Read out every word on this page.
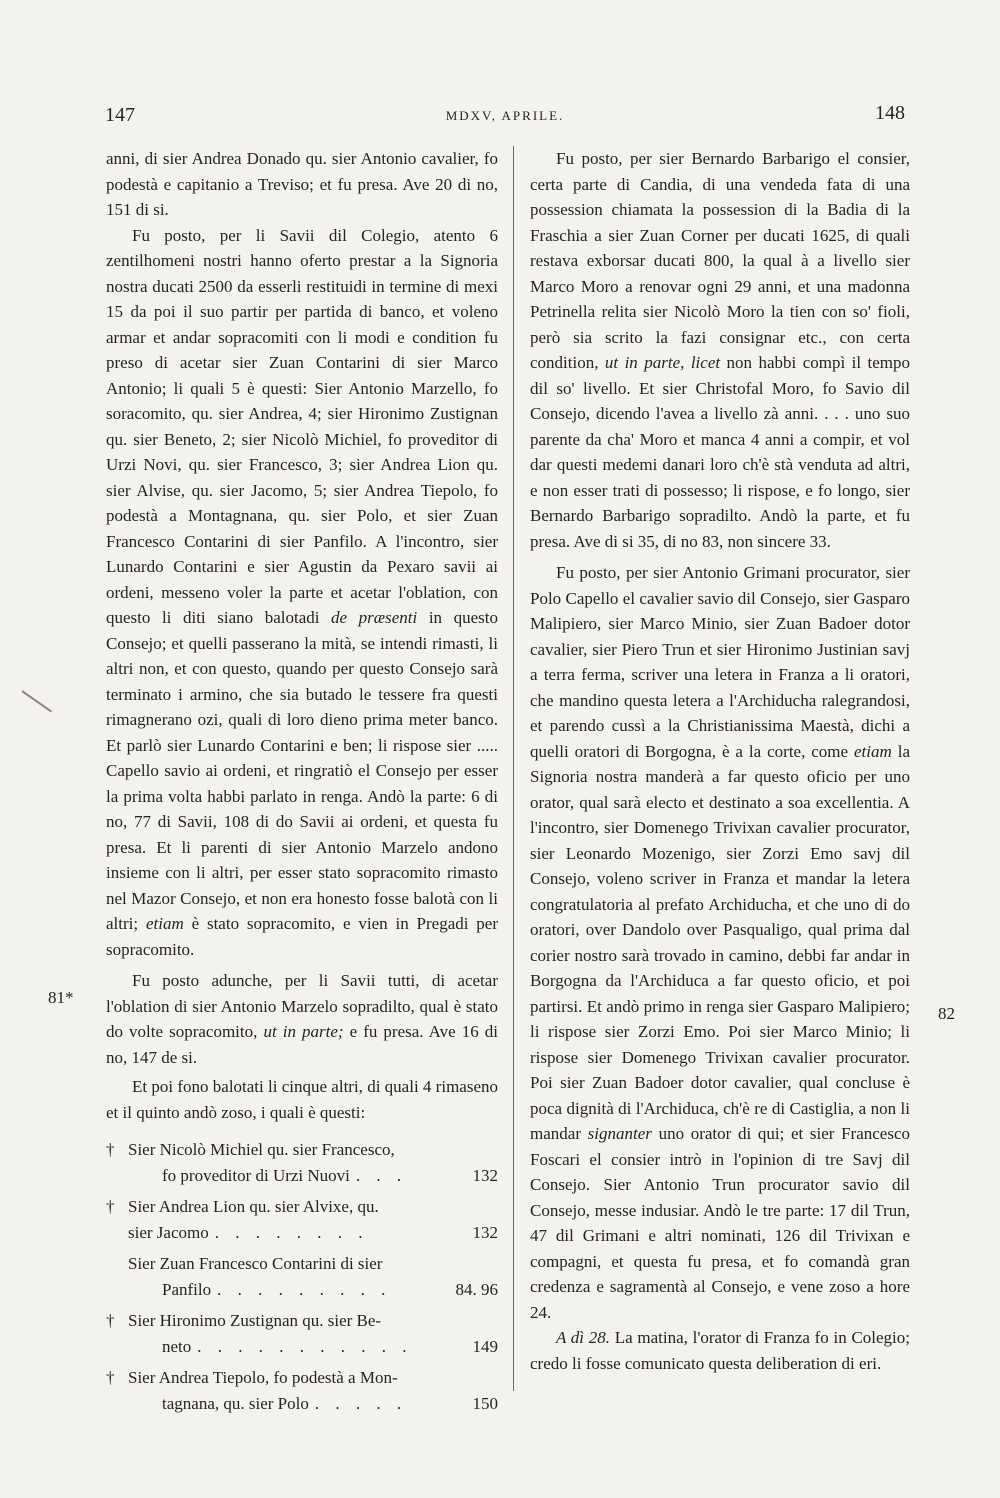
147	MDXV, APRILE.	148
81*
82

anni, di sier Andrea Donado qu. sier Antonio cavalier, fo podestà e capitanio a Treviso; et fu presa. Ave 20 di no, 151 di si.

Fu posto, per li Savii dil Colegio, atento 6 zentilhomeni nostri hanno oferto prestar a la Signoria nostra ducati 2500 da esserli restituidi in termine di mexi 15 da poi il suo partir per partida di banco, et voleno armar et andar sopracomiti con li modi e condition fu preso di acetar sier Zuan Contarini di sier Marco Antonio; li quali 5 è questi: Sier Antonio Marzello, fo soracomito, qu. sier Andrea, 4; sier Hironimo Zustignan qu. sier Beneto, 2; sier Nicolò Michiel, fo proveditor di Urzi Novi, qu. sier Francesco, 3; sier Andrea Lion qu. sier Alvise, qu. sier Jacomo, 5; sier Andrea Tiepolo, fo podestà a Montagnana, qu. sier Polo, et sier Zuan Francesco Contarini di sier Panfilo. A l'incontro, sier Lunardo Contarini e sier Agustin da Pexaro savii ai ordeni, messeno voler la parte et acetar l'oblation, con questo li diti siano balotadi de præsenti in questo Consejo; et quelli passerano la mità, se intendi rimasti, li altri non, et con questo, quando per questo Consejo sarà terminato i armino, che sia butado le tessere fra questi rimagnerano ozi, quali di loro dieno prima meter banco. Et parlò sier Lunardo Contarini e ben; li rispose sier ..... Capello savio ai ordeni, et ringratiò el Consejo per esser la prima volta habbi parlato in renga. Andò la parte: 6 di no, 77 di Savii, 108 di do Savii ai ordeni, et questa fu presa. Et li parenti di sier Antonio Marzelo andono insieme con li altri, per esser stato sopracomito rimasto nel Mazor Consejo, et non era honesto fosse balotà con li altri; etiam è stato sopracomito, e vien in Pregadi per sopracomito.

Fu posto adunche, per li Savii tutti, di acetar l'oblation di sier Antonio Marzelo sopradilto, qual è stato do volte sopracomito, ut in parte; e fu presa. Ave 16 di no, 147 de si.

Et poi fono balotati li cinque altri, di quali 4 rimaseno et il quinto andò zoso, i quali è questi:

† Sier Nicolò Michiel qu. sier Francesco,
fo proveditor di Urzi Nuovi . . .	132
† Sier Andrea Lion qu. sier Alvixe, qu.
sier Jacomo . . . . . . . .	132
Sier Zuan Francesco Contarini di sier
Panfilo . . . . . . . . .	84. 96
† Sier Hironimo Zustignan qu. sier Be-
neto . . . . . . . . . . .	149
† Sier Andrea Tiepolo, fo podestà a Mon-
tagnana, qu. sier Polo . . . . .	150

Fu posto, per sier Bernardo Barbarigo el consier, certa parte di Candia, di una vendeda fata di una possession chiamata la possession di la Badia di la Fraschia a sier Zuan Corner per ducati 1625, di quali restava exborsar ducati 800, la qual à a livello sier Marco Moro a renovar ogni 29 anni, et una madonna Petrinella relita sier Nicolò Moro la tien con so' fioli, però sia scrito la fazi consignar etc., con certa condition, ut in parte, licet non habbi compì il tempo dil so' livello. Et sier Christofal Moro, fo Savio dil Consejo, dicendo l'avea a livello zà anni. . . . uno suo parente da cha' Moro et manca 4 anni a compir, et vol dar questi medemi danari loro ch'è stà venduta ad altri, e non esser trati di possesso; li rispose, e fo longo, sier Bernardo Barbarigo sopradilto. Andò la parte, et fu presa. Ave di si 35, di no 83, non sincere 33.

Fu posto, per sier Antonio Grimani procurator, sier Polo Capello el cavalier savio dil Consejo, sier Gasparo Malipiero, sier Marco Minio, sier Zuan Badoer dotor cavalier, sier Piero Trun et sier Hironimo Justinian savj a terra ferma, scriver una letera in Franza a li oratori, che mandino questa letera a l'Archiducha ralegrandosi, et parendo cussì a la Christianissima Maestà, dichi a quelli oratori di Borgogna, è a la corte, come etiam la Signoria nostra manderà a far questo oficio per uno orator, qual sarà electo et destinato a soa excellentia. A l'incontro, sier Domenego Trivixan cavalier procurator, sier Leonardo Mozenigo, sier Zorzi Emo savj dil Consejo, voleno scriver in Franza et mandar la letera congratulatoria al prefato Archiducha, et che uno di do oratori, over Dandolo over Pasqualigo, qual prima dal corier nostro sarà trovado in camino, debbi far andar in Borgogna da l'Archiduca a far questo oficio, et poi partirsi. Et andò primo in renga sier Gasparo Malipiero; li rispose sier Zorzi Emo. Poi sier Marco Minio; li rispose sier Domenego Trivixan cavalier procurator. Poi sier Zuan Badoer dotor cavalier, qual concluse è poca dignità di l'Archiduca, ch'è re di Castiglia, a non li mandar signanter uno orator di qui; et sier Francesco Foscari el consier intrò in l'opinion di tre Savj dil Consejo. Sier Antonio Trun procurator savio dil Consejo, messe indusiar. Andò le tre parte: 17 dil Trun, 47 dil Grimani e altri nominati, 126 dil Trivixan e compagni, et questa fu presa, et fo comandà gran credenza e sagramentà al Consejo, e vene zoso a hore 24.

A dì 28. La matina, l'orator di Franza fo in Colegio; credo li fosse comunicato questa deliberation di eri.
